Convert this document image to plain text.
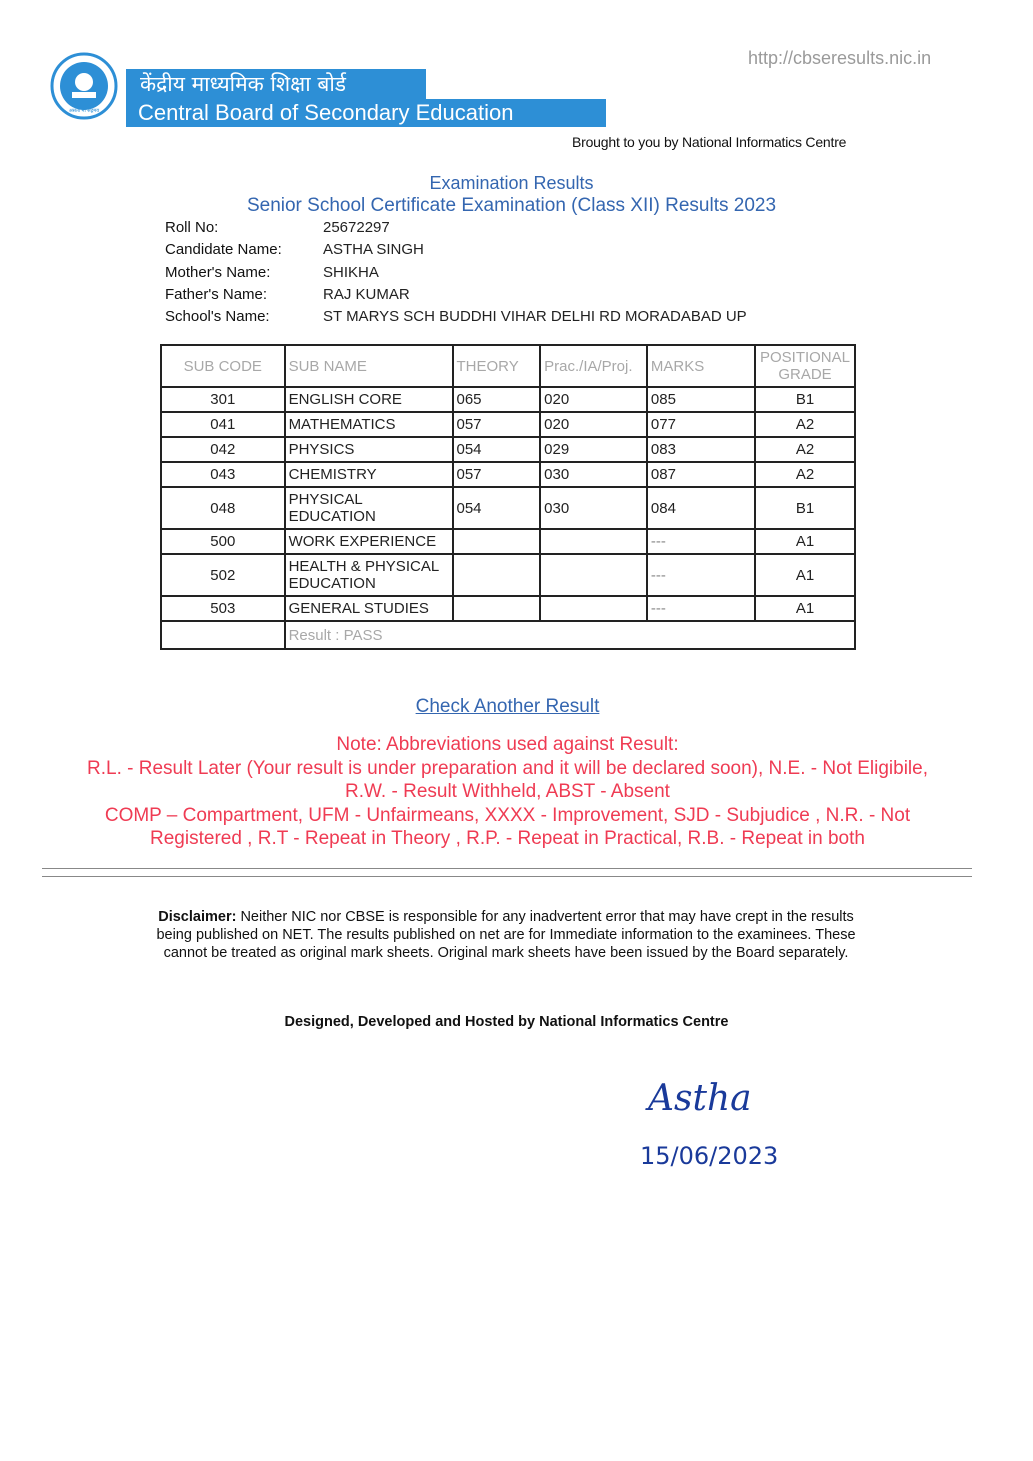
http://cbseresults.nic.in
असतो मा सद्गमय
केंद्रीय माध्यमिक शिक्षा बोर्ड
Central Board of Secondary Education
Brought to you by National Informatics Centre
Examination Results
Senior School Certificate Examination (Class XII) Results 2023
Roll No:	25672297
Candidate Name:	ASTHA SINGH
Mother's Name:	SHIKHA
Father's Name:	RAJ KUMAR
School's Name:	ST MARYS SCH BUDDHI VIHAR DELHI RD MORADABAD UP
SUB CODE	SUB NAME	THEORY	Prac./IA/Proj.	MARKS	POSITIONAL GRADE
301	ENGLISH CORE	065	020	085	B1
041	MATHEMATICS	057	020	077	A2
042	PHYSICS	054	029	083	A2
043	CHEMISTRY	057	030	087	A2
048	PHYSICAL EDUCATION	054	030	084	B1
500	WORK EXPERIENCE			---	A1
502	HEALTH & PHYSICAL EDUCATION			---	A1
503	GENERAL STUDIES			---	A1
	Result : PASS				
Check Another Result
Note: Abbreviations used against Result:
R.L. - Result Later (Your result is under preparation and it will be declared soon), N.E. - Not Eligibile,
R.W. - Result Withheld, ABST - Absent
COMP – Compartment, UFM - Unfairmeans, XXXX - Improvement, SJD - Subjudice , N.R. - Not
Registered , R.T - Repeat in Theory , R.P. - Repeat in Practical, R.B. - Repeat in both
Disclaimer: Neither NIC nor CBSE is responsible for any inadvertent error that may have crept in the results being published on NET. The results published on net are for Immediate information to the examinees. These cannot be treated as original mark sheets. Original mark sheets have been issued by the Board separately.
Designed, Developed and Hosted by National Informatics Centre
Astha
15/06/2023
